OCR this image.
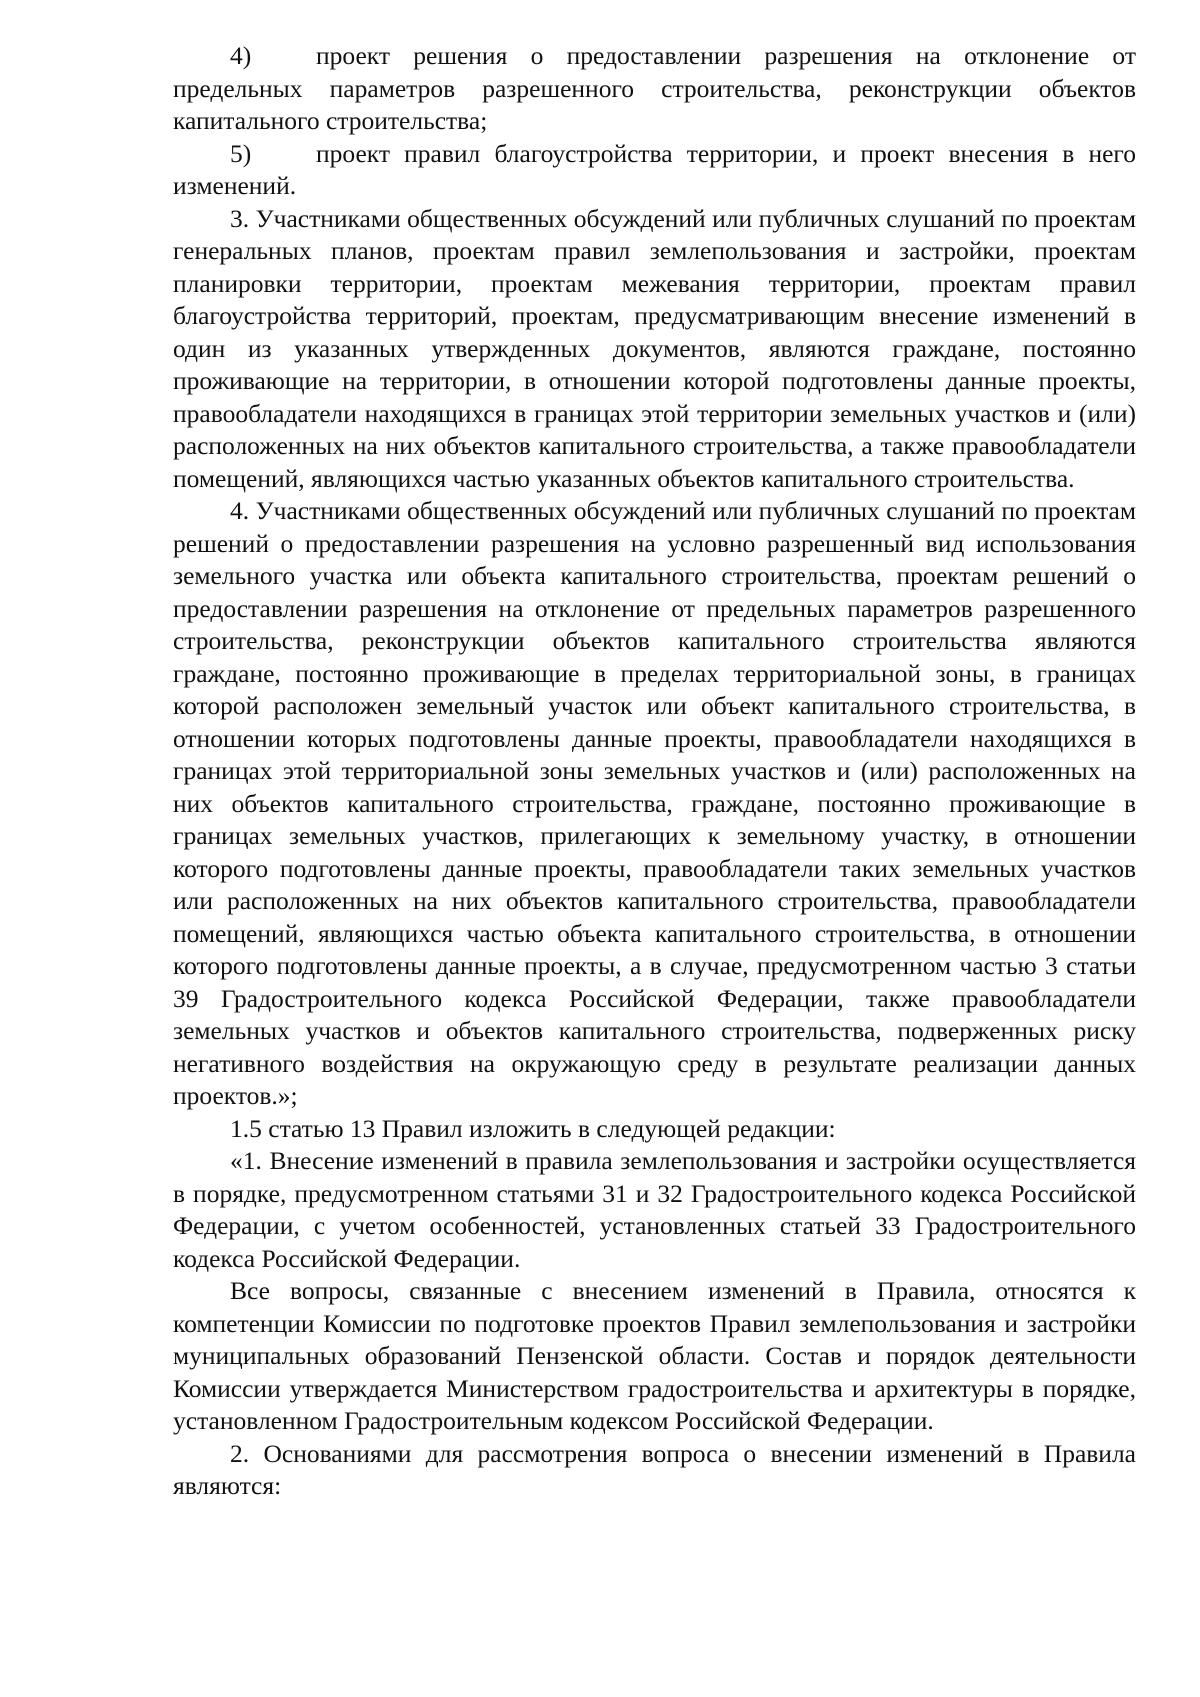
4)	проект решения о предоставлении разрешения на отклонение от предельных параметров разрешенного строительства, реконструкции объектов капитального строительства;

5)	проект правил благоустройства территории, и проект внесения в него изменений.

3. Участниками общественных обсуждений или публичных слушаний по проектам генеральных планов, проектам правил землепользования и застройки, проектам планировки территории, проектам межевания территории, проектам правил благоустройства территорий, проектам, предусматривающим внесение изменений в один из указанных утвержденных документов, являются граждане, постоянно проживающие на территории, в отношении которой подготовлены данные проекты, правообладатели находящихся в границах этой территории земельных участков и (или) расположенных на них объектов капитального строительства, а также правообладатели помещений, являющихся частью указанных объектов капитального строительства.

4. Участниками общественных обсуждений или публичных слушаний по проектам решений о предоставлении разрешения на условно разрешенный вид использования земельного участка или объекта капитального строительства, проектам решений о предоставлении разрешения на отклонение от предельных параметров разрешенного строительства, реконструкции объектов капитального строительства являются граждане, постоянно проживающие в пределах территориальной зоны, в границах которой расположен земельный участок или объект капитального строительства, в отношении которых подготовлены данные проекты, правообладатели находящихся в границах этой территориальной зоны земельных участков и (или) расположенных на них объектов капитального строительства, граждане, постоянно проживающие в границах земельных участков, прилегающих к земельному участку, в отношении которого подготовлены данные проекты, правообладатели таких земельных участков или расположенных на них объектов капитального строительства, правообладатели помещений, являющихся частью объекта капитального строительства, в отношении которого подготовлены данные проекты, а в случае, предусмотренном частью 3 статьи 39 Градостроительного кодекса Российской Федерации, также правообладатели земельных участков и объектов капитального строительства, подверженных риску негативного воздействия на окружающую среду в результате реализации данных проектов.»;

1.5 статью 13 Правил изложить в следующей редакции:

«1. Внесение изменений в правила землепользования и застройки осуществляется в порядке, предусмотренном статьями 31 и 32 Градостроительного кодекса Российской Федерации, с учетом особенностей, установленных статьей 33 Градостроительного кодекса Российской Федерации.

Все вопросы, связанные с внесением изменений в Правила, относятся к компетенции Комиссии по подготовке проектов Правил землепользования и застройки муниципальных образований Пензенской области. Состав и порядок деятельности Комиссии утверждается Министерством градостроительства и архитектуры в порядке, установленном Градостроительным кодексом Российской Федерации.

2. Основаниями для рассмотрения вопроса о внесении изменений в Правила являются:
